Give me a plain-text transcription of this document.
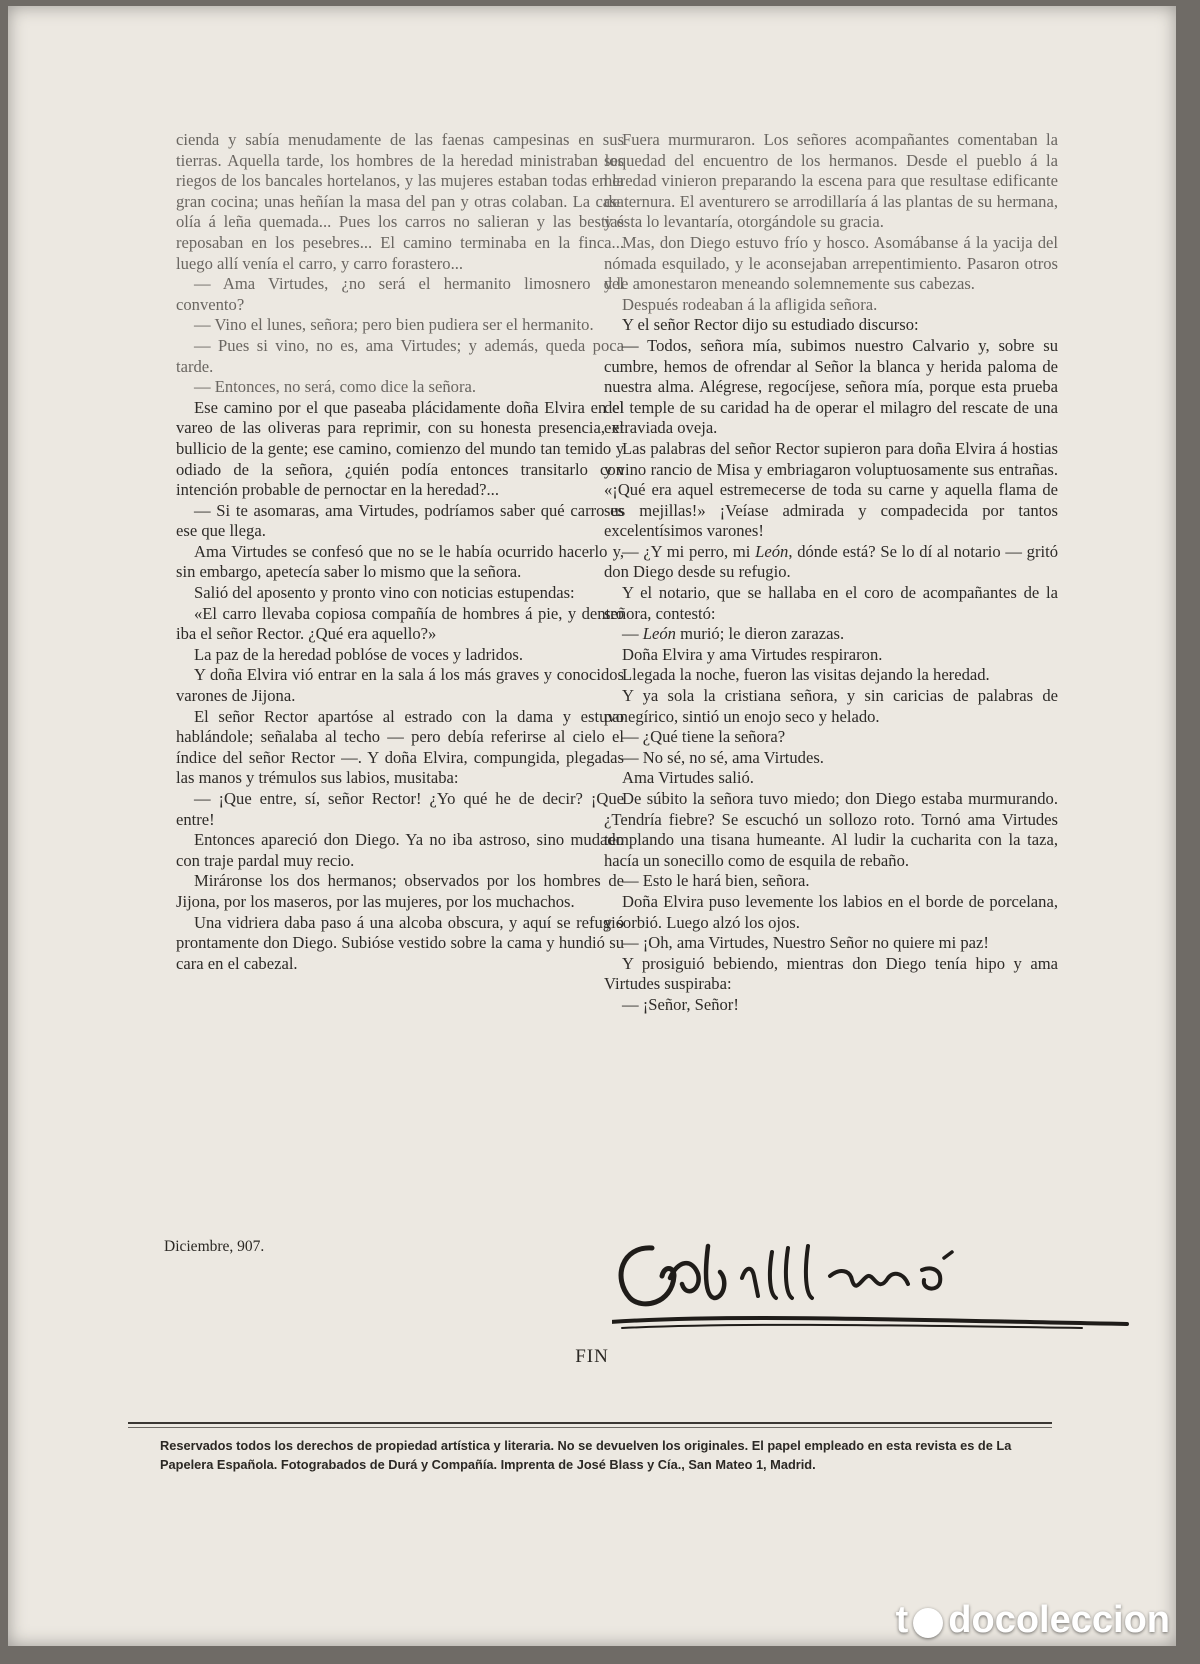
cienda y sabía menudamente de las faenas campesinas en sus tierras. Aquella tarde, los hombres de la heredad ministraban los riegos de los bancales hortelanos, y las mujeres estaban todas en la gran cocina; unas heñían la masa del pan y otras colaban. La casa olía á leña quemada... Pues los carros no salieran y las bestias reposaban en los pesebres... El camino terminaba en la finca... luego allí venía el carro, y carro forastero...

— Ama Virtudes, ¿no será el hermanito limosnero del convento?

— Vino el lunes, señora; pero bien pudiera ser el hermanito.

— Pues si vino, no es, ama Virtudes; y además, queda poca tarde.

— Entonces, no será, como dice la señora.

Ese camino por el que paseaba plácidamente doña Elvira en el vareo de las oliveras para reprimir, con su honesta presencia, el bullicio de la gente; ese camino, comienzo del mundo tan temido y odiado de la señora, ¿quién podía entonces transitarlo con intención probable de pernoctar en la heredad?...

— Si te asomaras, ama Virtudes, podríamos saber qué carro es ese que llega.

Ama Virtudes se confesó que no se le había ocurrido hacerlo y, sin embargo, apetecía saber lo mismo que la señora.

Salió del aposento y pronto vino con noticias estupendas:

«El carro llevaba copiosa compañía de hombres á pie, y dentro iba el señor Rector. ¿Qué era aquello?»

La paz de la heredad poblóse de voces y ladridos.

Y doña Elvira vió entrar en la sala á los más graves y conocidos varones de Jijona.

El señor Rector apartóse al estrado con la dama y estuvo hablándole; señalaba al techo — pero debía referirse al cielo el índice del señor Rector —. Y doña Elvira, compungida, plegadas las manos y trémulos sus labios, musitaba:

— ¡Que entre, sí, señor Rector! ¿Yo qué he de decir? ¡Que entre!

Entonces apareció don Diego. Ya no iba astroso, sino mudado con traje pardal muy recio.

Miráronse los dos hermanos; observados por los hombres de Jijona, por los maseros, por las mujeres, por los muchachos.

Una vidriera daba paso á una alcoba obscura, y aquí se refugió prontamente don Diego. Subióse vestido sobre la cama y hundió su cara en el cabezal.

Fuera murmuraron. Los señores acompañantes comentaban la sequedad del encuentro de los hermanos. Desde el pueblo á la heredad vinieron preparando la escena para que resultase edificante de ternura. El aventurero se arrodillaría á las plantas de su hermana, y ésta lo levantaría, otorgándole su gracia.

Mas, don Diego estuvo frío y hosco. Asomábanse á la yacija del nómada esquilado, y le aconsejaban arrepentimiento. Pasaron otros y le amonestaron meneando solemnemente sus cabezas.

Después rodeaban á la afligida señora.

Y el señor Rector dijo su estudiado discurso:

— Todos, señora mía, subimos nuestro Calvario y, sobre su cumbre, hemos de ofrendar al Señor la blanca y herida paloma de nuestra alma. Alégrese, regocíjese, señora mía, porque esta prueba del temple de su caridad ha de operar el milagro del rescate de una extraviada oveja.

Las palabras del señor Rector supieron para doña Elvira á hostias y vino rancio de Misa y embriagaron voluptuosamente sus entrañas. «¡Qué era aquel estremecerse de toda su carne y aquella flama de sus mejillas!» ¡Veíase admirada y compadecida por tantos excelentísimos varones!

— ¿Y mi perro, mi León, dónde está? Se lo dí al notario — gritó don Diego desde su refugio.

Y el notario, que se hallaba en el coro de acompañantes de la señora, contestó:

— León murió; le dieron zarazas.

Doña Elvira y ama Virtudes respiraron.

Llegada la noche, fueron las visitas dejando la heredad.

Y ya sola la cristiana señora, y sin caricias de palabras de panegírico, sintió un enojo seco y helado.

— ¿Qué tiene la señora?

— No sé, no sé, ama Virtudes.

Ama Virtudes salió.

De súbito la señora tuvo miedo; don Diego estaba murmurando. ¿Tendría fiebre? Se escuchó un sollozo roto. Tornó ama Virtudes templando una tisana humeante. Al ludir la cucharita con la taza, hacía un sonecillo como de esquila de rebaño.

— Esto le hará bien, señora.

Doña Elvira puso levemente los labios en el borde de porcelana, y sorbió. Luego alzó los ojos.

— ¡Oh, ama Virtudes, Nuestro Señor no quiere mi paz!

Y prosiguió bebiendo, mientras don Diego tenía hipo y ama Virtudes suspiraba:

— ¡Señor, Señor!

Diciembre, 907.
FIN
Reservados todos los derechos de propiedad artística y literaria. No se devuelven los originales. El papel empleado en esta revista es de La Papelera Española. Fotograbados de Durá y Compañía. Imprenta de José Blass y Cía., San Mateo 1, Madrid.
t docoleccion
